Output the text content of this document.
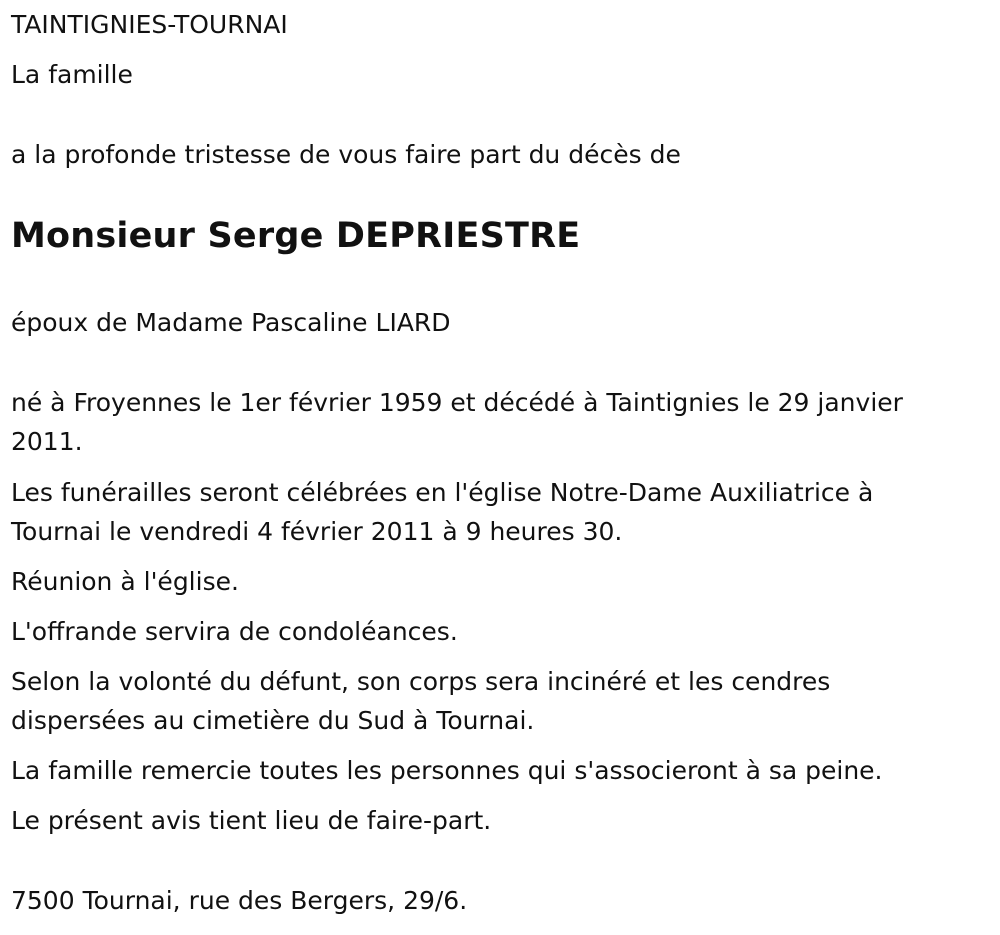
TAINTIGNIES-TOURNAI

La famille

a la profonde tristesse de vous faire part du décès de

Monsieur Serge DEPRIESTRE

époux de Madame Pascaline LIARD

né à Froyennes le 1er février 1959 et décédé à Taintignies le 29 janvier 2011.

Les funérailles seront célébrées en l'église Notre-Dame Auxiliatrice à Tournai le vendredi 4 février 2011 à 9 heures 30.

Réunion à l'église.

L'offrande servira de condoléances.

Selon la volonté du défunt, son corps sera incinéré et les cendres dispersées au cimetière du Sud à Tournai.

La famille remercie toutes les personnes qui s'associeront à sa peine.

Le présent avis tient lieu de faire-part.

7500 Tournai, rue des Bergers, 29/6.
